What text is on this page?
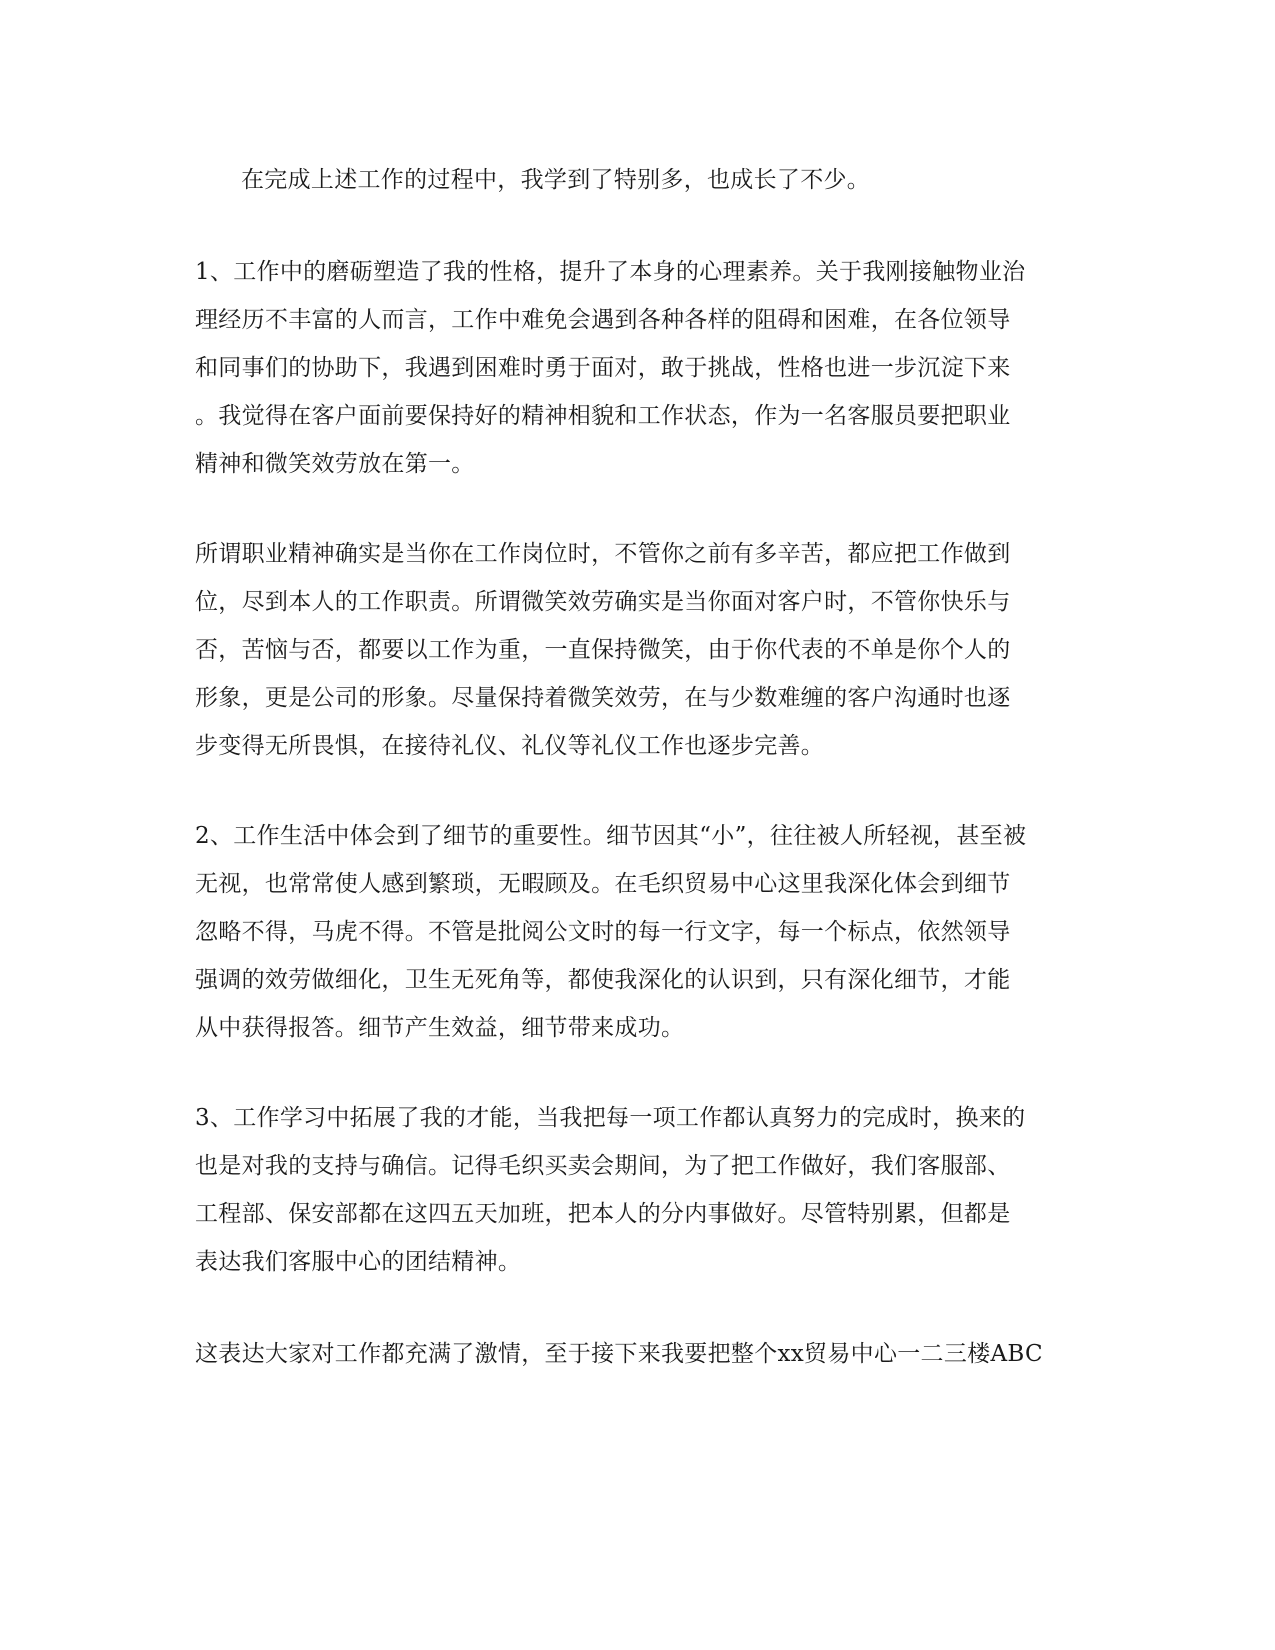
在完成上述工作的过程中，我学到了特别多，也成长了不少。
1、工作中的磨砺塑造了我的性格，提升了本身的心理素养。关于我刚接触物业治
理经历不丰富的人而言，工作中难免会遇到各种各样的阻碍和困难，在各位领导
和同事们的协助下，我遇到困难时勇于面对，敢于挑战，性格也进一步沉淀下来
。我觉得在客户面前要保持好的精神相貌和工作状态，作为一名客服员要把职业
精神和微笑效劳放在第一。
所谓职业精神确实是当你在工作岗位时，不管你之前有多辛苦，都应把工作做到
位，尽到本人的工作职责。所谓微笑效劳确实是当你面对客户时，不管你快乐与
否，苦恼与否，都要以工作为重，一直保持微笑，由于你代表的不单是你个人的
形象，更是公司的形象。尽量保持着微笑效劳，在与少数难缠的客户沟通时也逐
步变得无所畏惧，在接待礼仪、礼仪等礼仪工作也逐步完善。
2、工作生活中体会到了细节的重要性。细节因其“小”，往往被人所轻视，甚至被
无视，也常常使人感到繁琐，无暇顾及。在毛织贸易中心这里我深化体会到细节
忽略不得，马虎不得。不管是批阅公文时的每一行文字，每一个标点，依然领导
强调的效劳做细化，卫生无死角等，都使我深化的认识到，只有深化细节，才能
从中获得报答。细节产生效益，细节带来成功。
3、工作学习中拓展了我的才能，当我把每一项工作都认真努力的完成时，换来的
也是对我的支持与确信。记得毛织买卖会期间，为了把工作做好，我们客服部、
工程部、保安部都在这四五天加班，把本人的分内事做好。尽管特别累，但都是
表达我们客服中心的团结精神。
这表达大家对工作都充满了激情，至于接下来我要把整个xx贸易中心一二三楼ABC
